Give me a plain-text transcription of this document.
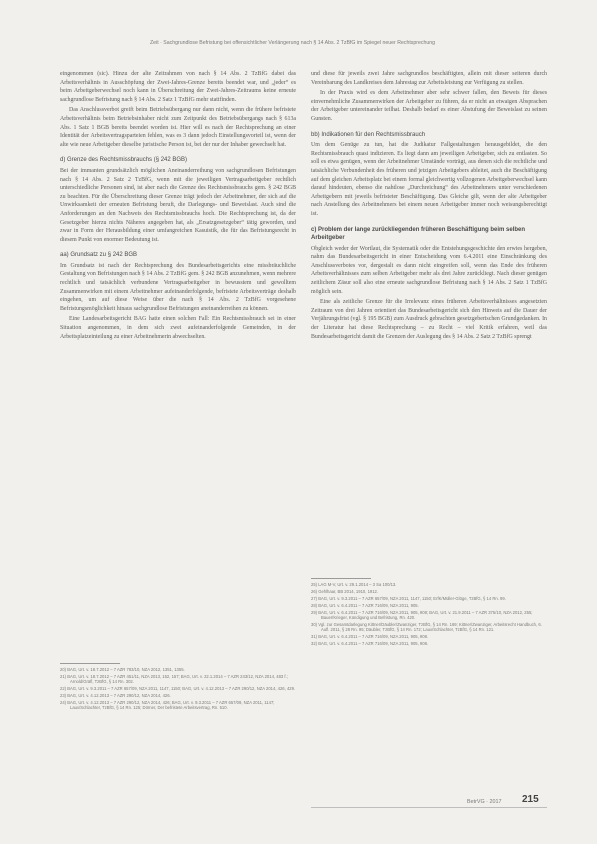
Zeit · Sachgrundlose Befristung bei offensichtlicher Verlängerung nach § 14 Abs. 2 TzBfG im Spiegel neuer Rechtsprechung

eingenommen (sic). Hinzu der alte Zeitrahmen von nach § 14 Abs. 2 TzBfG dabei das Arbeitsverhältnis in Ausschöpfung der Zwei-Jahres-Grenze bereits beendet war, und „jeder“ es beim Arbeitgeberwechsel noch kann in Überschreitung der Zwei-Jahres-Zeitraums keine erneute sachgrundlose Befristung nach § 14 Abs. 2 Satz 1 TzBfG mehr stattfinden.

Das Anschlussverbot greift beim Betriebsübergang nur dann nicht, wenn die frühere befristete Arbeitsverhältnis beim Betriebsinhaber nicht zum Zeitpunkt des Betriebsübergangs nach § 613a Abs. 1 Satz 1 BGB bereits beendet worden ist. Hier will es nach der Rechtsprechung an einer Identität der Arbeitsvertragsparteien fehlen, was es 3 dann jedoch Einstellungsvorteil ist, wenn der alte wie neue Arbeitgeber dieselbe juristische Person ist, bei der nur der Inhaber gewechselt hat.

d) Grenze des Rechtsmissbrauchs (§ 242 BGB)

Bei der immanten grundsätzlich möglichen Aneinanderreihung von sachgrundlosen Befristungen nach § 14 Abs. 2 Satz 2 TzBfG, wenn mit die jeweiligen Vertragsarbeitgeber rechtlich unterschiedliche Personen sind, ist aber nach die Grenze des Rechtsmissbrauchs gem. § 242 BGB zu beachten. Für die Überschreitung dieser Grenze trägt jedoch der Arbeitnehmer, der sich auf die Unwirksamkeit der erneuten Befristung beruft, die Darlegungs- und Beweislast. Auch sind die Anforderungen an den Nachweis des Rechtsmissbrauchs hoch. Die Rechtsprechung ist, da der Gesetzgeber hierzu nichts Näheres angegeben hat, als „Ersatzgesetzgeber“ tätig geworden, und zwar in Form der Herausbildung einer umfangreichen Kasuistik, die für das Befristungsrecht in diesem Punkt von enormer Bedeutung ist.

aa) Grundsatz zu § 242 BGB

Im Grundsatz ist nach der Rechtsprechung des Bundesarbeitsgerichts eine missbräuchliche Gestaltung von Befristungen nach § 14 Abs. 2 TzBfG gem. § 242 BGB anzunehmen, wenn mehrere rechtlich und tatsächlich verbundene Vertragsarbeitgeber in bewusstem und gewolltem Zusammenwirken mit einem Arbeitnehmer aufeinanderfolgende, befristete Arbeitsverträge deshalb eingehen, um auf diese Weise über die nach § 14 Abs. 2 TzBfG vorgesehene Befristungsmöglichkeit hinaus sachgrundlose Befristungen aneinanderreihen zu können.

Eine Landesarbeitsgericht BAG hatte einen solchen Fall: Ein Rechtsmissbrauch sei in einer Situation angenommen, in dem sich zwei aufeinanderfolgende Gemeinden, in der Arbeitsplatzeinteilung zu einer Arbeitnehmerin abwechselten.

und diese für jeweils zwei Jahre sachgrundlos beschäftigten, allein mit dieser seiteren durch Vereinbarung des Landkreises dem Jahrestag zur Arbeitsleistung zur Verfügung zu stellen.

In der Praxis wird es dem Arbeitnehmer aber sehr schwer fallen, den Beweis für dieses einvernehmliche Zusammenwirken der Arbeitgeber zu führen, da er nicht an etwaigen Absprachen der Arbeitgeber untereinander teilhat. Deshalb bedarf es einer Abstufung der Beweislast zu seinen Gunsten.

bb) Indikationen für den Rechtsmissbrauch

Um dem Genüge zu tun, hat die Judikatur Fallgestaltungen herausgebildet, die den Rechtsmissbrauch quasi indizieren. Es liegt dann am jeweiligen Arbeitgeber, sich zu entlasten. So soll es etwa genügen, wenn der Arbeitnehmer Umstände vorträgt, aus denen sich die rechtliche und tatsächliche Verbundenheit des früheren und jetzigen Arbeitgebers ableitet, auch die Beschäftigung auf dem gleichen Arbeitsplatz bei einem formal gleichwertig vollzogenen Arbeitgeberwechsel kann darauf hindeuten, ebenso die nahtlose „Durchreichung“ des Arbeitnehmers unter verschiedenen Arbeitgebern mit jeweils befristeter Beschäftigung. Das Gleiche gilt, wenn der alte Arbeitgeber nach Anstellung des Arbeitnehmers bei einem neuen Arbeitgeber immer noch weisungsberechtigt ist.

c) Problem der lange zurückliegenden früheren Beschäftigung beim selben Arbeitgeber

Obgleich weder der Wortlaut, die Systematik oder die Entstehungsgeschichte den erwies hergeben, nahm das Bundesarbeitsgericht in einer Entscheidung vom 6.4.2011 eine Einschränkung des Anschlussverbotes vor, dergestalt es dann nicht eingreifen soll, wenn das Ende des früheren Arbeitsverhältnisses zum selben Arbeitgeber mehr als drei Jahre zurückliegt. Nach dieser genügen zeitlichem Zäsur soll also eine erneute sachgrundlose Befristung nach § 14 Abs. 2 Satz 1 TzBfG möglich sein.

Eine als zeitliche Grenze für die Irrelevanz eines früheren Arbeitsverhältnisses angesetzten Zeitraum von drei Jahren orientiert das Bundesarbeitsgericht sich den Hinweis auf die Dauer der Verjährungsfrist (vgl. § 195 BGB) zum Ausdruck gebrachten gesetzgeberischen Grundgedanken. In der Literatur hat diese Rechtsprechung – zu Recht – viel Kritik erfahren, weil das Bundesarbeitsgericht damit die Grenzen der Auslegung des § 14 Abs. 2 Satz 2 TzBfG sprengt

20) BAG, Urt. v. 18.7.2012 – 7 AZR 783/10, NZA 2012, 1351, 1355.
21) BAG, Urt. v. 18.7.2012 – 7 AZR 451/11, NZA 2013, 152, 157; BAG, Urt. v. 22.1.2014 – 7 AZR 243/12, NZA 2014, 483 f.; Arnold/Gräfl, TzBfG, § 14 Rn. 302.
22) BAG, Urt. v. 9.3.2011 – 7 AZR 657/09, NZA 2011, 1147, 1150; BAG, Urt. v. 4.12.2013 – 7 AZR 290/12, NZA 2014, 426, 429.
23) BAG, Urt. v. 4.12.2013 – 7 AZR 290/12, NZA 2014, 426.
24) BAG, Urt. v. 4.12.2013 – 7 AZR 290/12, NZA 2014, 426; BAG, Urt. v. 9.3.2011 – 7 AZR 657/09, NZA 2011, 1147; Laux/Schlachter, TzBfG, § 14 Rn. 125; Dörner, Der befristete Arbeitsvertrag, Rn. 510.
25) LAG M-V, Urt. v. 29.1.2014 – 3 Sa 100/13.
26) Gehlhaar, BB 2014, 1910, 1912.
27) BAG, Urt. v. 9.3.2011 – 7 AZR 657/09, NZA 2011, 1147, 1150; ErfK/Müller-Glöge, TzBfG, § 14 Rn. 99.
28) BAG, Urt. v. 6.4.2011 – 7 AZR 716/09, NZA 2011, 905.
29) BAG, Urt. v. 6.4.2011 – 7 AZR 716/09, NZA 2011, 905, 908; BAG, Urt. v. 21.9.2011 – 7 AZR 375/10, NZA 2012, 255; Bauer/Krieger, Kündigung und Befristung, Rn. 420.
30) Vgl. zur Gesamtdarlegung Kittner/Däubler/Zwanziger, TzBfG, § 14 Rn. 169; Kittner/Zwanziger, Arbeitsrecht Handbuch, 6. Aufl. 2011, § 28 Rn. 95; Däubler, TzBfG, § 14 Rn. 172; Laux/Schlachter, TzBfG, § 14 Rn. 121.
31) BAG, Urt. v. 6.4.2011 – 7 AZR 716/09, NZA 2011, 905, 908.
32) BAG, Urt. v. 6.4.2011 – 7 AZR 716/09, NZA 2011, 905, 908.
BetrVG · 2017 215
